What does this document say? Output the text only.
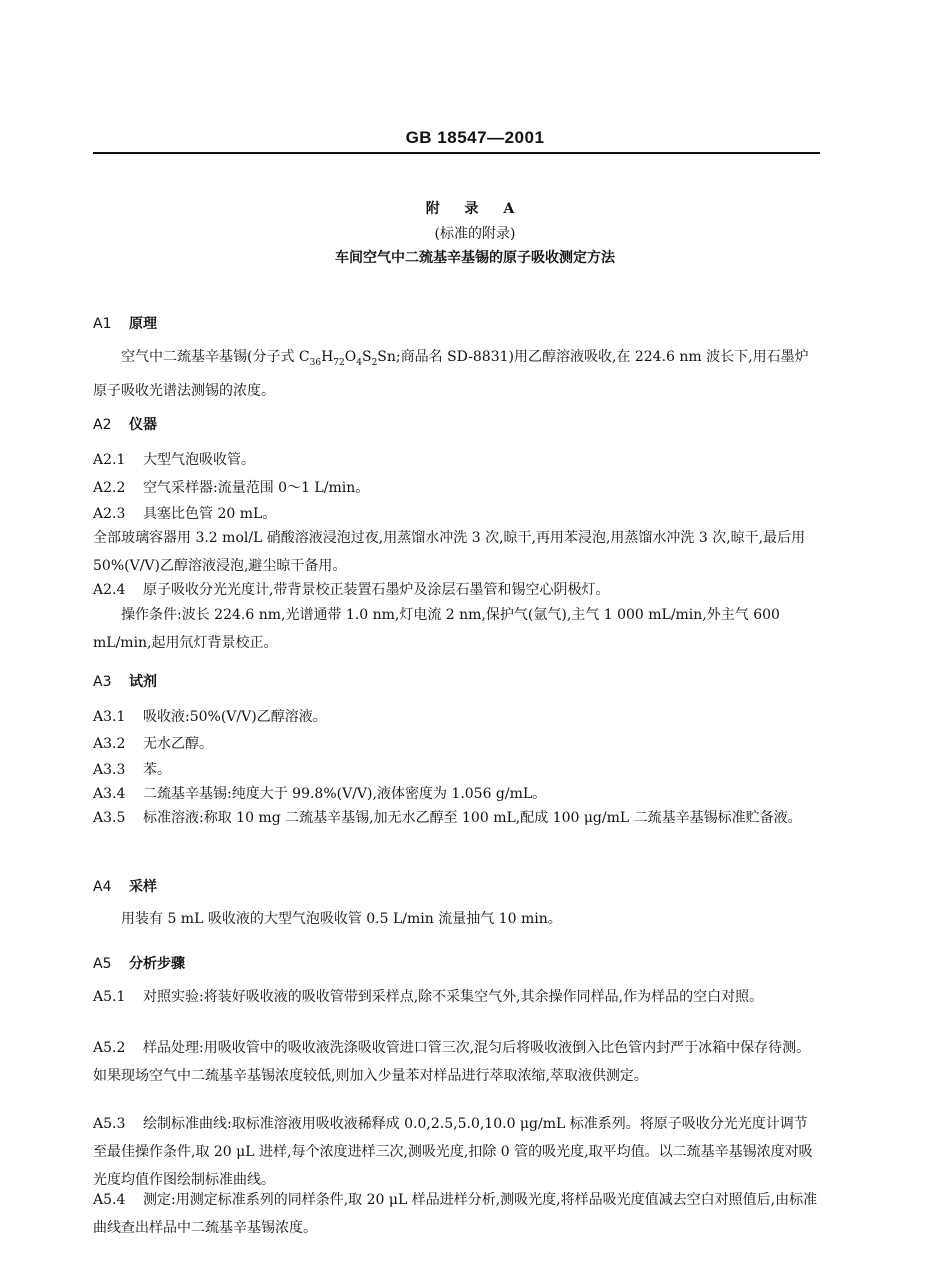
GB 18547—2001
附 录 A
(标准的附录)
车间空气中二巯基辛基锡的原子吸收测定方法
A1 原理
空气中二巯基辛基锡(分子式 $C_{36}H_{72}O_4S_2Sn$;商品名 SD-8831)用乙醇溶液吸收,在 224.6 nm 波长下,用石墨炉原子吸收光谱法测锡的浓度。
A2 仪器
A2.1 大型气泡吸收管。
A2.2 空气采样器:流量范围 0～1 L/min。
A2.3 具塞比色管 20 mL。
全部玻璃容器用 3.2 mol/L 硝酸溶液浸泡过夜,用蒸馏水冲洗 3 次,晾干,再用苯浸泡,用蒸馏水冲洗 3 次,晾干,最后用 50%(V/V)乙醇溶液浸泡,避尘晾干备用。
A2.4 原子吸收分光光度计,带背景校正装置石墨炉及涂层石墨管和锡空心阴极灯。
操作条件:波长 224.6 nm,光谱通带 1.0 nm,灯电流 2 nm,保护气(氩气),主气 1 000 mL/min,外主气 600 mL/min,起用氘灯背景校正。
A3 试剂
A3.1 吸收液:50%(V/V)乙醇溶液。
A3.2 无水乙醇。
A3.3 苯。
A3.4 二巯基辛基锡:纯度大于 99.8%(V/V),液体密度为 1.056 g/mL。
A3.5 标准溶液:称取 10 mg 二巯基辛基锡,加无水乙醇至 100 mL,配成 100 μg/mL 二巯基辛基锡标准贮备液。
A4 采样
用装有 5 mL 吸收液的大型气泡吸收管 0.5 L/min 流量抽气 10 min。
A5 分析步骤
A5.1 对照实验:将装好吸收液的吸收管带到采样点,除不采集空气外,其余操作同样品,作为样品的空白对照。
A5.2 样品处理:用吸收管中的吸收液洗涤吸收管进口管三次,混匀后将吸收液倒入比色管内封严于冰箱中保存待测。如果现场空气中二巯基辛基锡浓度较低,则加入少量苯对样品进行萃取浓缩,萃取液供测定。
A5.3 绘制标准曲线:取标准溶液用吸收液稀释成 0.0,2.5,5.0,10.0 μg/mL 标准系列。将原子吸收分光光度计调节至最佳操作条件,取 20 μL 进样,每个浓度进样三次,测吸光度,扣除 0 管的吸光度,取平均值。以二巯基辛基锡浓度对吸光度均值作图绘制标准曲线。
A5.4 测定:用测定标准系列的同样条件,取 20 μL 样品进样分析,测吸光度,将样品吸光度值减去空白对照值后,由标准曲线查出样品中二巯基辛基锡浓度。
